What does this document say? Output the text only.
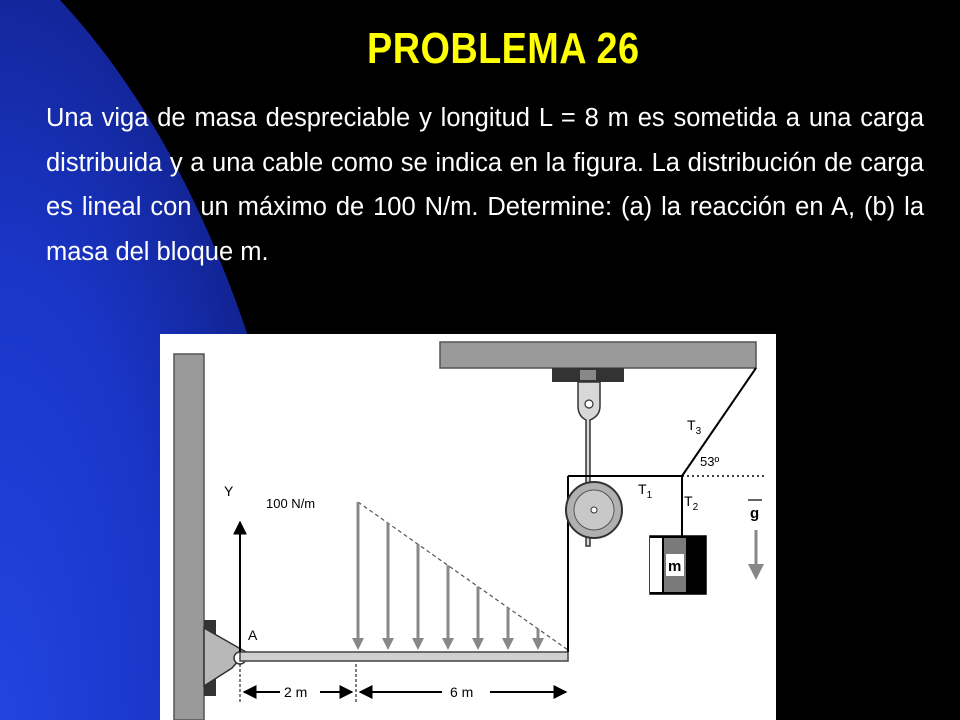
PROBLEMA 26
Una viga de masa despreciable y longitud L = 8 m es sometida a una carga distribuida y a una cable como se indica en la figura. La distribución de carga es lineal con un máximo de 100 N/m. Determine: (a) la reacción en A, (b) la masa del bloque m.
Y
100 N/m
m
$T_3$
$T_1$ $T_2$
53º
g
A
2 m	6 m
